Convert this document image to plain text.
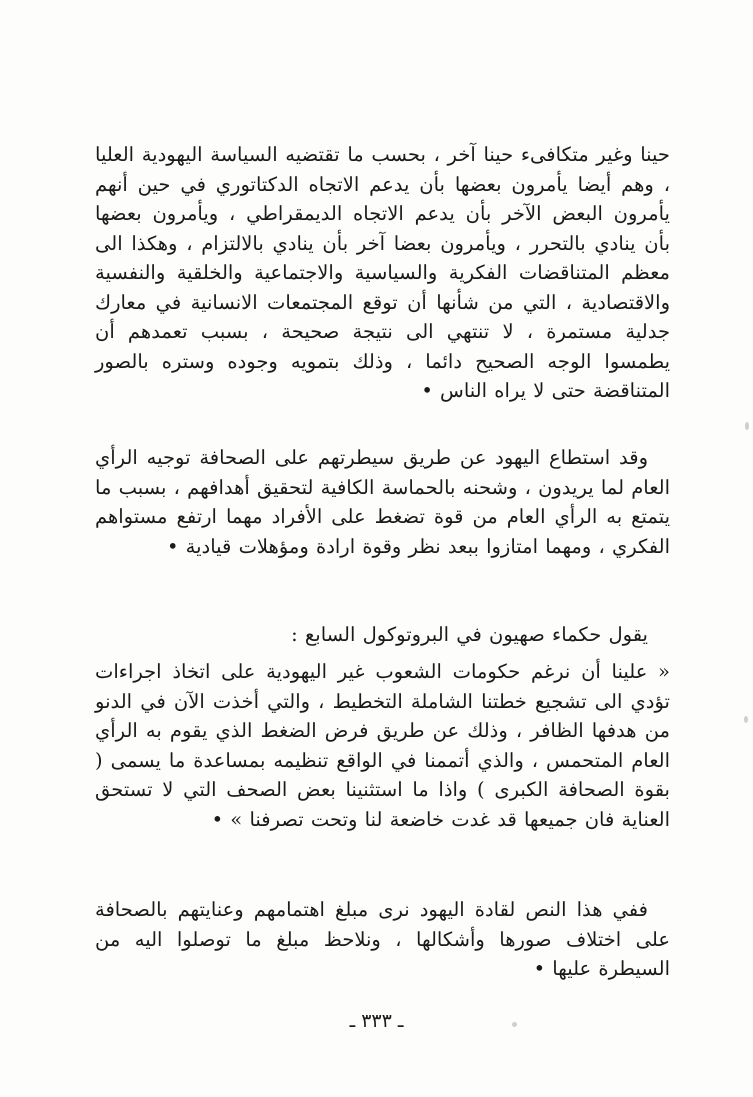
حينا وغير متكافىء حينا آخر ، بحسب ما تقتضيه السياسة اليهودية العليا ، وهم أيضا يأمرون بعضها بأن يدعم الاتجاه الدكتاتوري في حين أنهم يأمرون البعض الآخر بأن يدعم الاتجاه الديمقراطي ، ويأمرون بعضها بأن ينادي بالتحرر ، ويأمرون بعضا آخر بأن ينادي بالالتزام ، وهكذا الى معظم المتناقضات الفكرية والسياسية والاجتماعية والخلقية والنفسية والاقتصادية ، التي من شأنها أن توقع المجتمعات الانسانية في معارك جدلية مستمرة ، لا تنتهي الى نتيجة صحيحة ، بسبب تعمدهم أن يطمسوا الوجه الصحيح دائما ، وذلك بتمويه وجوده وستره بالصور المتناقضة حتى لا يراه الناس •

وقد استطاع اليهود عن طريق سيطرتهم على الصحافة توجيه الرأي العام لما يريدون ، وشحنه بالحماسة الكافية لتحقيق أهدافهم ، بسبب ما يتمتع به الرأي العام من قوة تضغط على الأفراد مهما ارتفع مستواهم الفكري ، ومهما امتازوا ببعد نظر وقوة ارادة ومؤهلات قيادية •

يقول حكماء صهيون في البروتوكول السابع :

« علينا أن نرغم حكومات الشعوب غير اليهودية على اتخاذ اجراءات تؤدي الى تشجيع خطتنا الشاملة التخطيط ، والتي أخذت الآن في الدنو من هدفها الظافر ، وذلك عن طريق فرض الضغط الذي يقوم به الرأي العام المتحمس ، والذي أتممنا في الواقع تنظيمه بمساعدة ما يسمى ( بقوة الصحافة الكبرى ) واذا ما استثنينا بعض الصحف التي لا تستحق العناية فان جميعها قد غدت خاضعة لنا وتحت تصرفنا » •

ففي هذا النص لقادة اليهود نرى مبلغ اهتمامهم وعنايتهم بالصحافة على اختلاف صورها وأشكالها ، ونلاحظ مبلغ ما توصلوا اليه من السيطرة عليها •

ـ ٣٣٣ ـ
